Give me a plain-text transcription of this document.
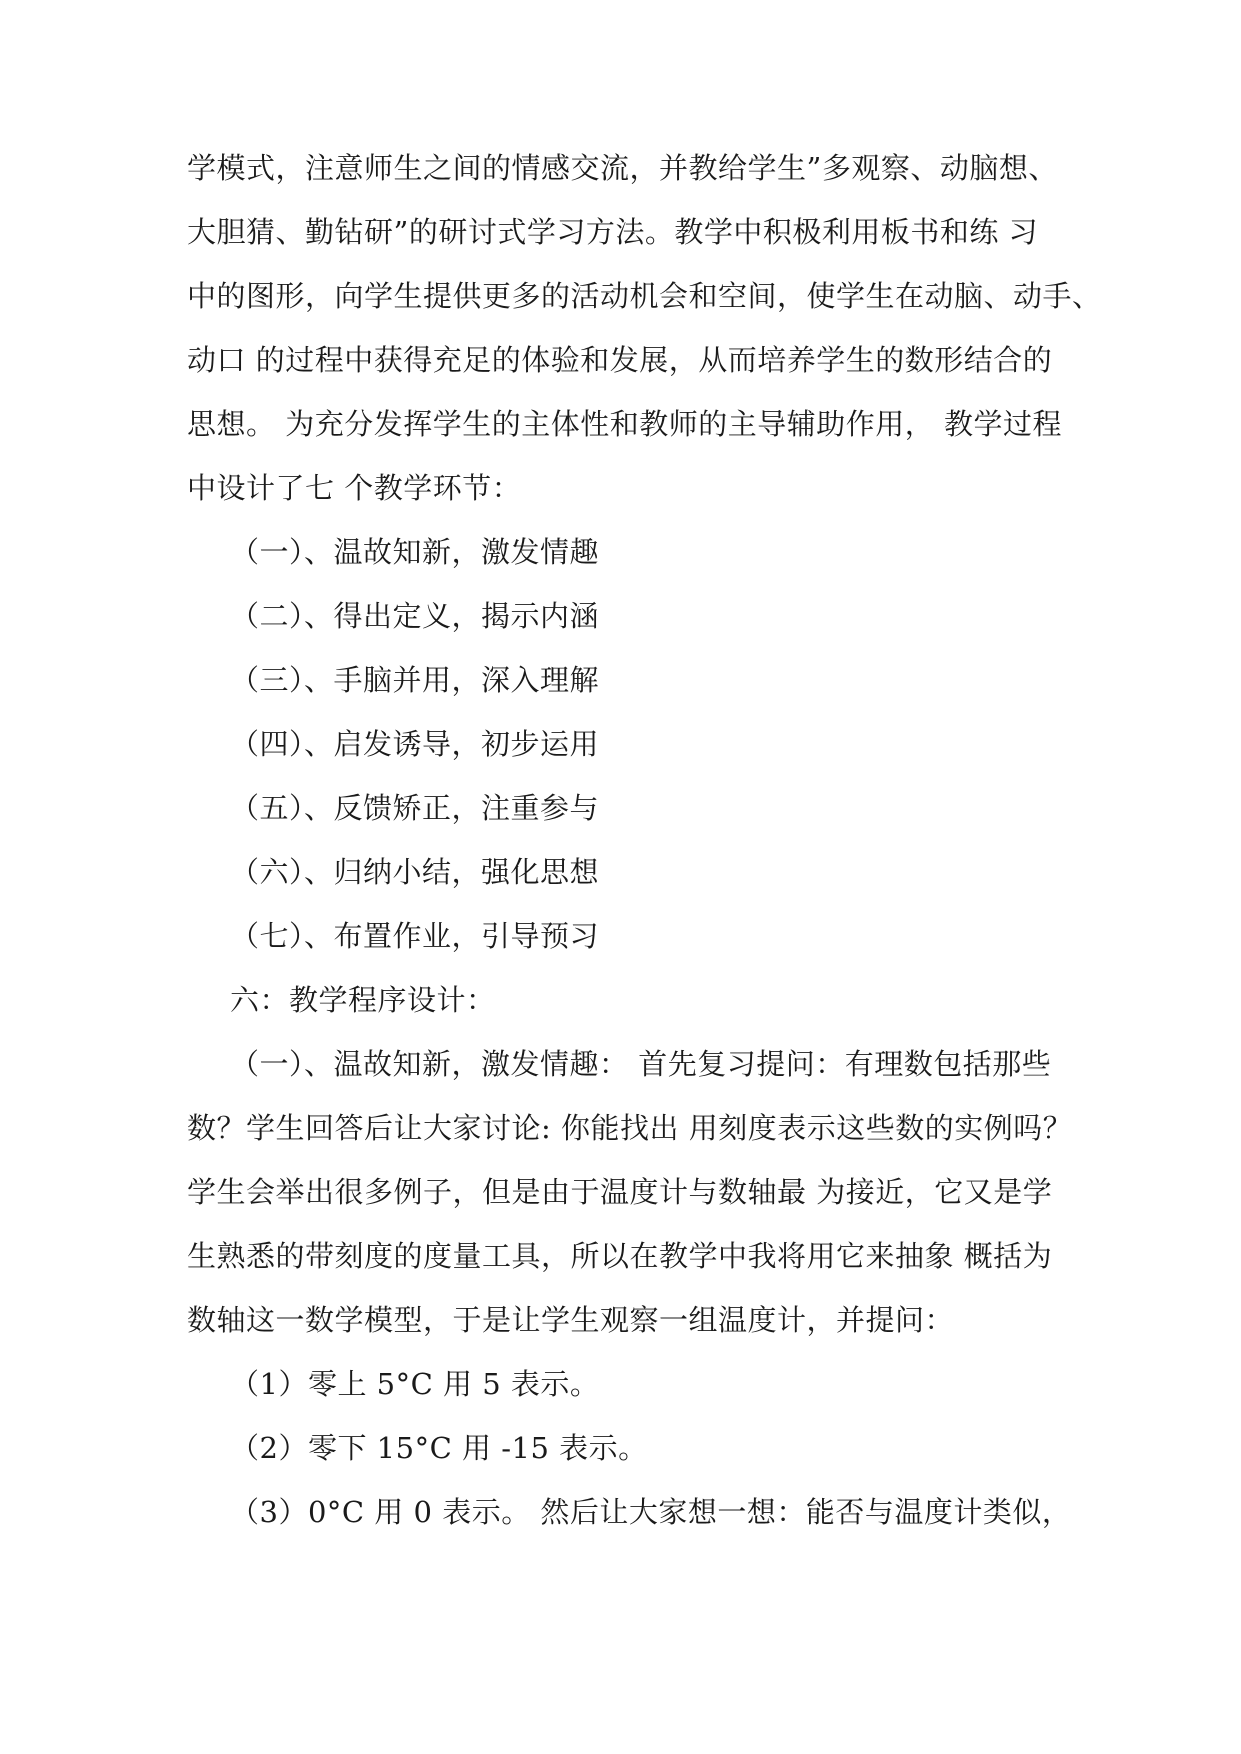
学模式，注意师生之间的情感交流，并教给学生”多观察、动脑想、
大胆猜、勤钻研”的研讨式学习方法。教学中积极利用板书和练 习
中的图形，向学生提供更多的活动机会和空间，使学生在动脑、动手、
动口 的过程中获得充足的体验和发展，从而培养学生的数形结合的
思想。 为充分发挥学生的主体性和教师的主导辅助作用， 教学过程
中设计了七 个教学环节：
（一）、温故知新，激发情趣
（二）、得出定义，揭示内涵
（三）、手脑并用，深入理解
（四）、启发诱导，初步运用
（五）、反馈矫正，注重参与
（六）、归纳小结，强化思想
（七）、布置作业，引导预习
六：教学程序设计：
（一）、温故知新，激发情趣： 首先复习提问：有理数包括那些
数？学生回答后让大家讨论: 你能找出 用刻度表示这些数的实例吗？
学生会举出很多例子，但是由于温度计与数轴最 为接近，它又是学
生熟悉的带刻度的度量工具，所以在教学中我将用它来抽象 概括为
数轴这一数学模型，于是让学生观察一组温度计，并提问：
（1）零上 5°C 用 5 表示。
（2）零下 15°C 用 -15 表示。
（3）0°C 用 0 表示。 然后让大家想一想：能否与温度计类似，
